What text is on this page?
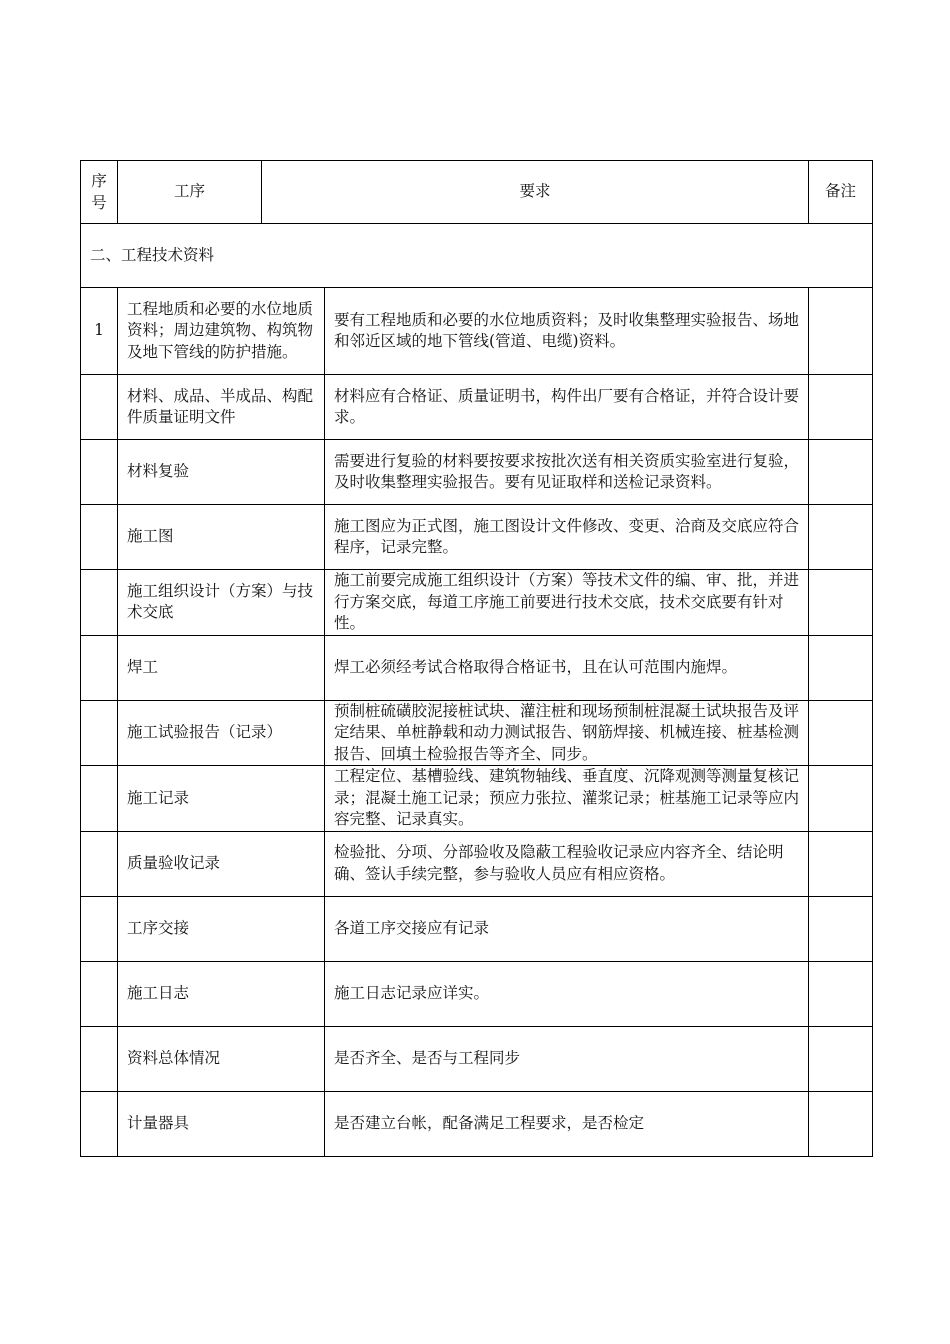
序号	工序	要求		备注

二、工程技术资料				

1	工程地质和必要的水位地质资料；周边建筑物、构筑物及地下管线的防护措施。		要有工程地质和必要的水位地质资料；及时收集整理实验报告、场地和邻近区域的地下管线(管道、电缆)资料。	

	材料、成品、半成品、构配件质量证明文件		材料应有合格证、质量证明书，构件出厂要有合格证，并符合设计要求。	

	材料复验		需要进行复验的材料要按要求按批次送有相关资质实验室进行复验，及时收集整理实验报告。要有见证取样和送检记录资料。	

	施工图		施工图应为正式图，施工图设计文件修改、变更、洽商及交底应符合程序，记录完整。	

	施工组织设计（方案）与技术交底		施工前要完成施工组织设计（方案）等技术文件的编、审、批，并进行方案交底，每道工序施工前要进行技术交底，技术交底要有针对性。	

	焊工		焊工必须经考试合格取得合格证书，且在认可范围内施焊。	

	施工试验报告（记录）		预制桩硫磺胶泥接桩试块、灌注桩和现场预制桩混凝土试块报告及评定结果、单桩静载和动力测试报告、钢筋焊接、机械连接、桩基检测报告、回填土检验报告等齐全、同步。	

	施工记录		工程定位、基槽验线、建筑物轴线、垂直度、沉降观测等测量复核记录；混凝土施工记录；预应力张拉、灌浆记录；桩基施工记录等应内容完整、记录真实。	

	质量验收记录		检验批、分项、分部验收及隐蔽工程验收记录应内容齐全、结论明确、签认手续完整，参与验收人员应有相应资格。	

	工序交接		各道工序交接应有记录	

	施工日志		施工日志记录应详实。	

	资料总体情况		是否齐全、是否与工程同步	

	计量器具		是否建立台帐，配备满足工程要求，是否检定	
